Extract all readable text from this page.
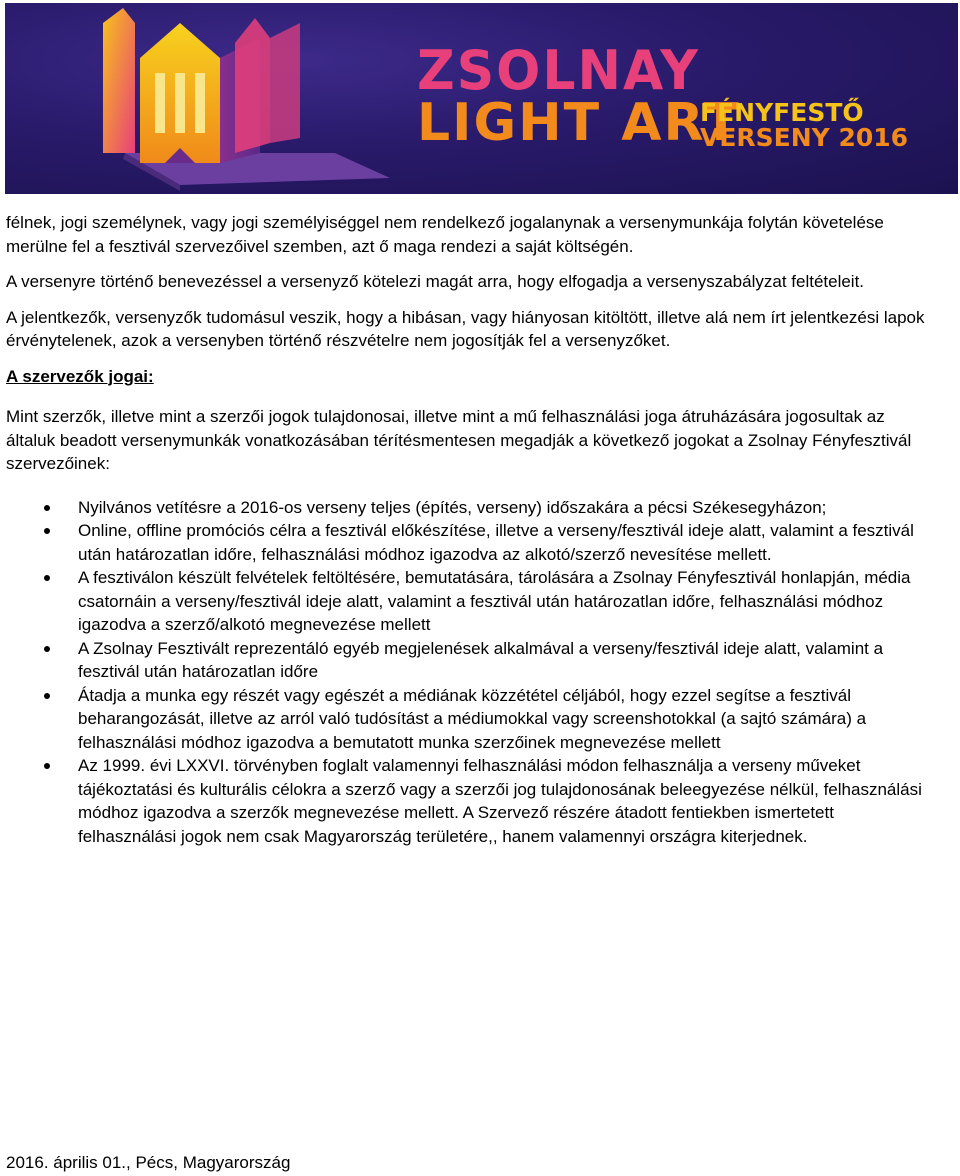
ZSOLNAY
LIGHT ART
FÉNYFESTŐ
VERSENY 2016

félnek, jogi személynek, vagy jogi személyiséggel nem rendelkező jogalanynak a versenymunkája folytán követelése merülne fel a fesztivál szervezőivel szemben, azt ő maga rendezi a saját költségén.

A versenyre történő benevezéssel a versenyző kötelezi magát arra, hogy elfogadja a versenyszabályzat feltételeit.

A jelentkezők, versenyzők tudomásul veszik, hogy a hibásan, vagy hiányosan kitöltött, illetve alá nem írt jelentkezési lapok érvénytelenek, azok a versenyben történő részvételre nem jogosítják fel a versenyzőket.

A szervezők jogai:

Mint szerzők, illetve mint a szerzői jogok tulajdonosai, illetve mint a mű felhasználási joga átruházására jogosultak az általuk beadott versenymunkák vonatkozásában térítésmentesen megadják a következő jogokat a Zsolnay Fényfesztivál szervezőinek:

Nyilvános vetítésre a 2016-os verseny teljes (építés, verseny) időszakára a pécsi Székesegyházon;
Online, offline promóciós célra a fesztivál előkészítése, illetve a verseny/fesztivál ideje alatt, valamint a fesztivál után határozatlan időre, felhasználási módhoz igazodva az alkotó/szerző nevesítése mellett.
A fesztiválon készült felvételek feltöltésére, bemutatására, tárolására a Zsolnay Fényfesztivál honlapján, média csatornáin a verseny/fesztivál ideje alatt, valamint a fesztivál után határozatlan időre, felhasználási módhoz igazodva a szerző/alkotó megnevezése mellett
A Zsolnay Fesztivált reprezentáló egyéb megjelenések alkalmával a verseny/fesztivál ideje alatt, valamint a fesztivál után határozatlan időre
Átadja a munka egy részét vagy egészét a médiának közzététel céljából, hogy ezzel segítse a fesztivál beharangozását, illetve az arról való tudósítást a médiumokkal vagy screenshotokkal (a sajtó számára) a felhasználási módhoz igazodva a bemutatott munka szerzőinek megnevezése mellett
Az 1999. évi LXXVI. törvényben foglalt valamennyi felhasználási módon felhasználja a verseny műveket tájékoztatási és kulturális célokra a szerző vagy a szerzői jog tulajdonosának beleegyezése nélkül, felhasználási módhoz igazodva a szerzők megnevezése mellett. A Szervező részére átadott fentiekben ismertetett felhasználási jogok nem csak Magyarország területére,, hanem valamennyi országra kiterjednek.
2016. április 01., Pécs, Magyarország
